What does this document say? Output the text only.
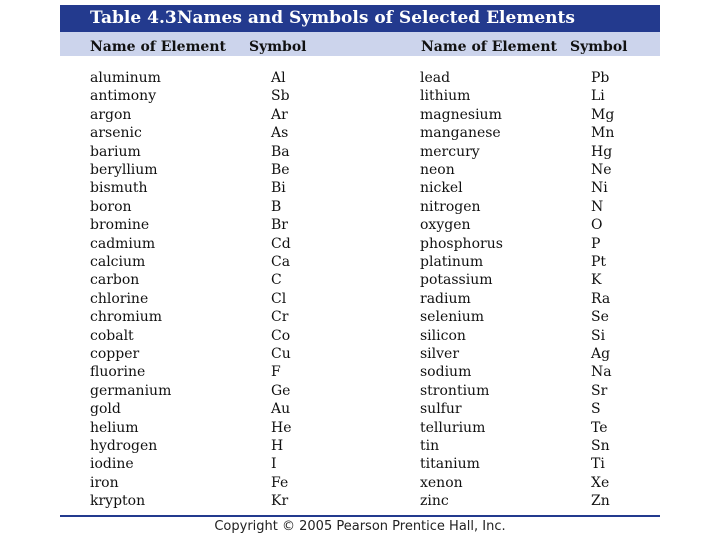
Table 4.3 Names and Symbols of Selected Elements
Name of Element Symbol	Name of Element Symbol
aluminum	Al	lead	Pb
antimony	Sb	lithium	Li
argon	Ar	magnesium	Mg
arsenic	As	manganese	Mn
barium	Ba	mercury	Hg
beryllium	Be	neon	Ne
bismuth	Bi	nickel	Ni
boron	B	nitrogen	N
bromine	Br	oxygen	O
cadmium	Cd	phosphorus	P
calcium	Ca	platinum	Pt
carbon	C	potassium	K
chlorine	Cl	radium	Ra
chromium	Cr	selenium	Se
cobalt	Co	silicon	Si
copper	Cu	silver	Ag
fluorine	F	sodium	Na
germanium	Ge	strontium	Sr
gold	Au	sulfur	S
helium	He	tellurium	Te
hydrogen	H	tin	Sn
iodine	I	titanium	Ti
iron	Fe	xenon	Xe
krypton	Kr	zinc	Zn
Copyright © 2005 Pearson Prentice Hall, Inc.
